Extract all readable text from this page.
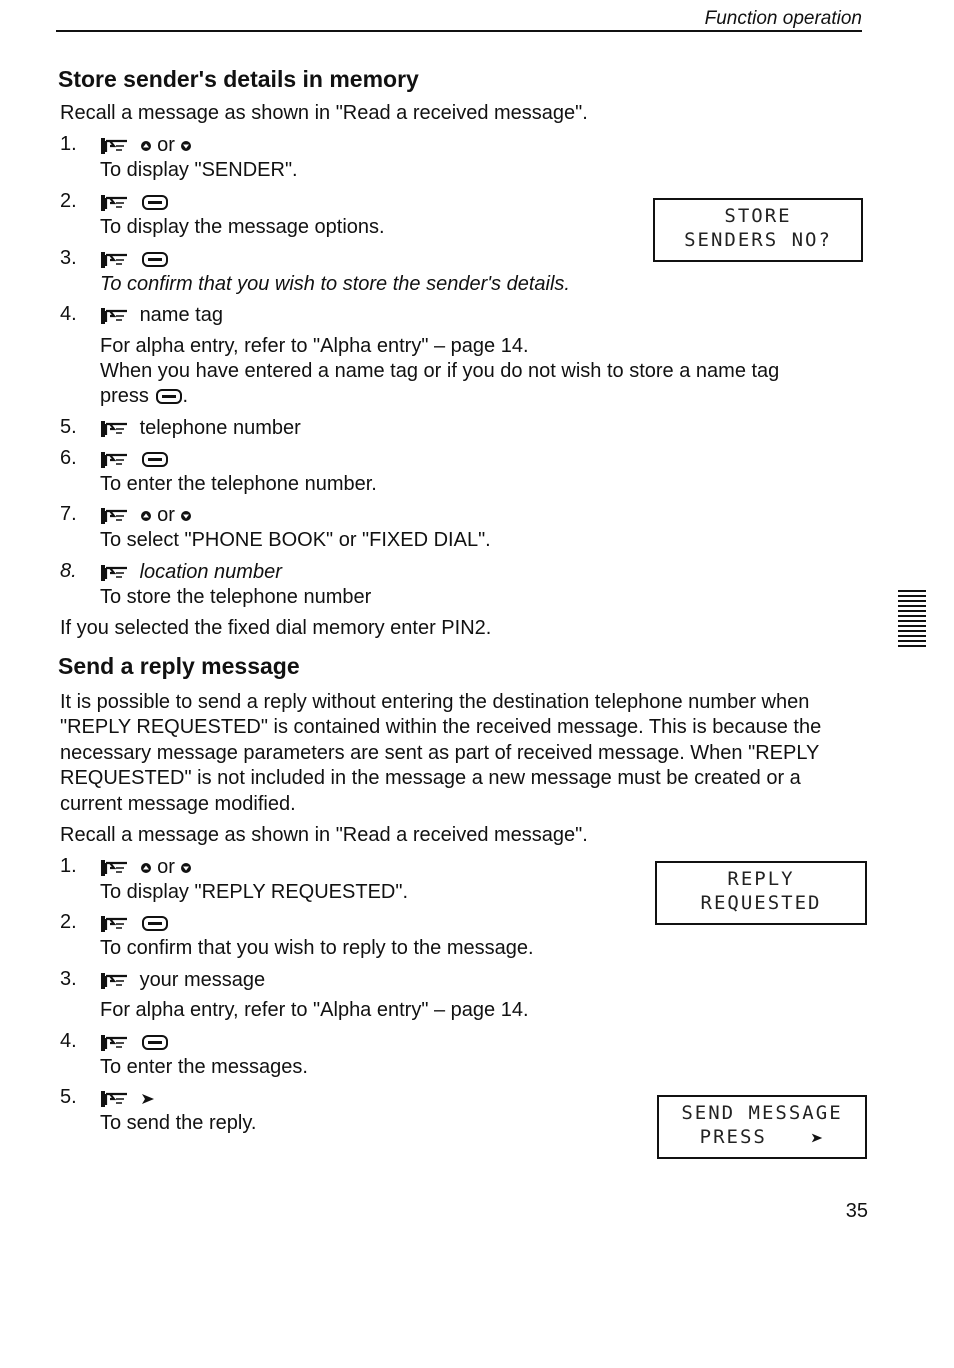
Function operation
Store sender's details in memory
Recall a message as shown in "Read a received message".
1.	or
To display "SENDER".
2.

To display the message options.
3.

To confirm that you wish to store the sender's details.
STORE
SENDERS NO?
4.	name tag
For alpha entry, refer to "Alpha entry" – page 14.
When you have entered a name tag or if you do not wish to store a name tag
press .
5.	telephone number
6.

To enter the telephone number.
7.	or
To select "PHONE BOOK" or "FIXED DIAL".
8.	location number
To store the telephone number
If you selected the fixed dial memory enter PIN2.
Send a reply message
It is possible to send a reply without entering the destination telephone number when "REPLY REQUESTED" is contained within the received message. This is because the necessary message parameters are sent as part of received message. When "REPLY REQUESTED" is not included in the message a new message must be created or a current message modified.
Recall a message as shown in "Read a received message".
1.	or
To display "REPLY REQUESTED".
REPLY
REQUESTED
2.

To confirm that you wish to reply to the message.
3.	your message
For alpha entry, refer to "Alpha entry" – page 14.
4.

To enter the messages.
5.

To send the reply.	SEND MESSAGE
PRESS
35
